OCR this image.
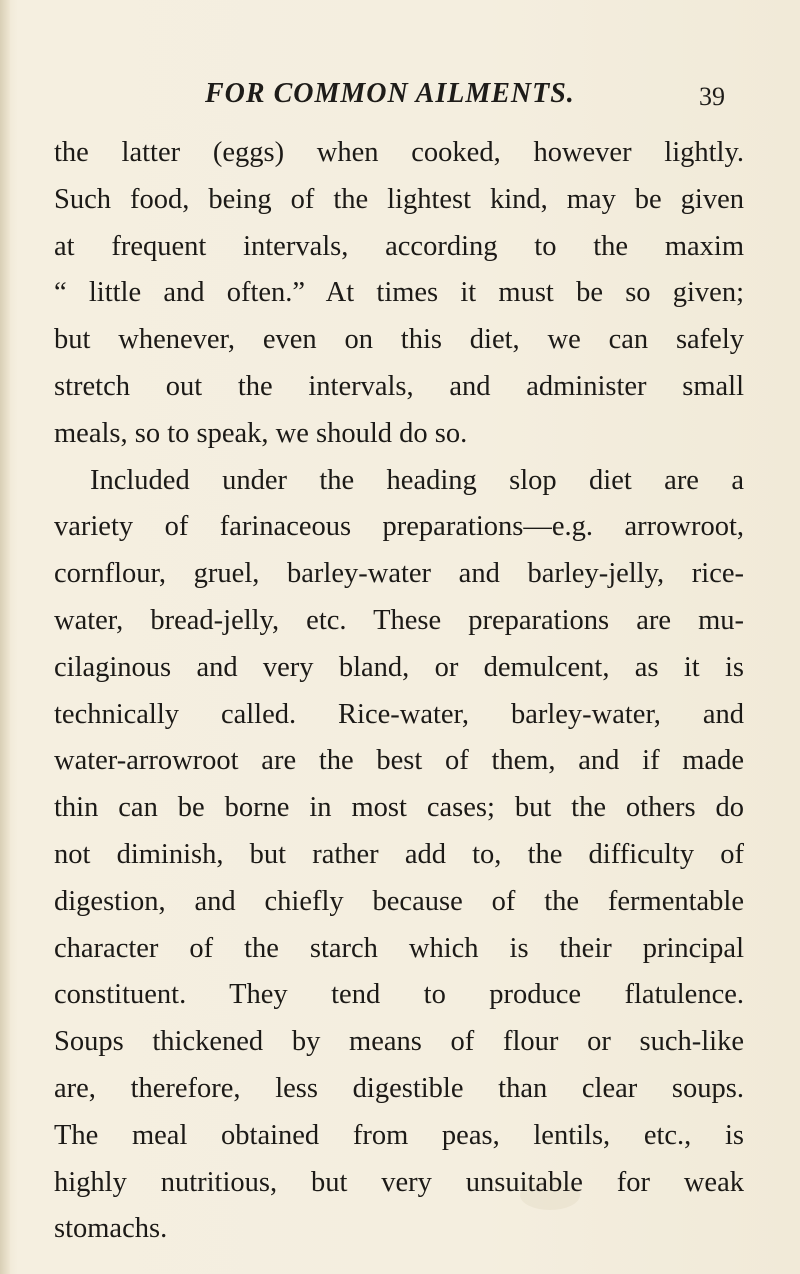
FOR COMMON AILMENTS.	39
the latter (eggs) when cooked, however lightly.
Such food, being of the lightest kind, may be given
at frequent intervals, according to the maxim
“ little and often.” At times it must be so given;
but whenever, even on this diet, we can safely
stretch out the intervals, and administer small
meals, so to speak, we should do so.
Included under the heading slop diet are a
variety of farinaceous preparations—e.g. arrowroot,
cornflour, gruel, barley-water and barley-jelly, rice-
water, bread-jelly, etc. These preparations are mu-
cilaginous and very bland, or demulcent, as it is
technically called. Rice-water, barley-water, and
water-arrowroot are the best of them, and if made
thin can be borne in most cases; but the others do
not diminish, but rather add to, the difficulty of
digestion, and chiefly because of the fermentable
character of the starch which is their principal
constituent. They tend to produce flatulence.
Soups thickened by means of flour or such-like
are, therefore, less digestible than clear soups.
The meal obtained from peas, lentils, etc., is
highly nutritious, but very unsuitable for weak
stomachs.
